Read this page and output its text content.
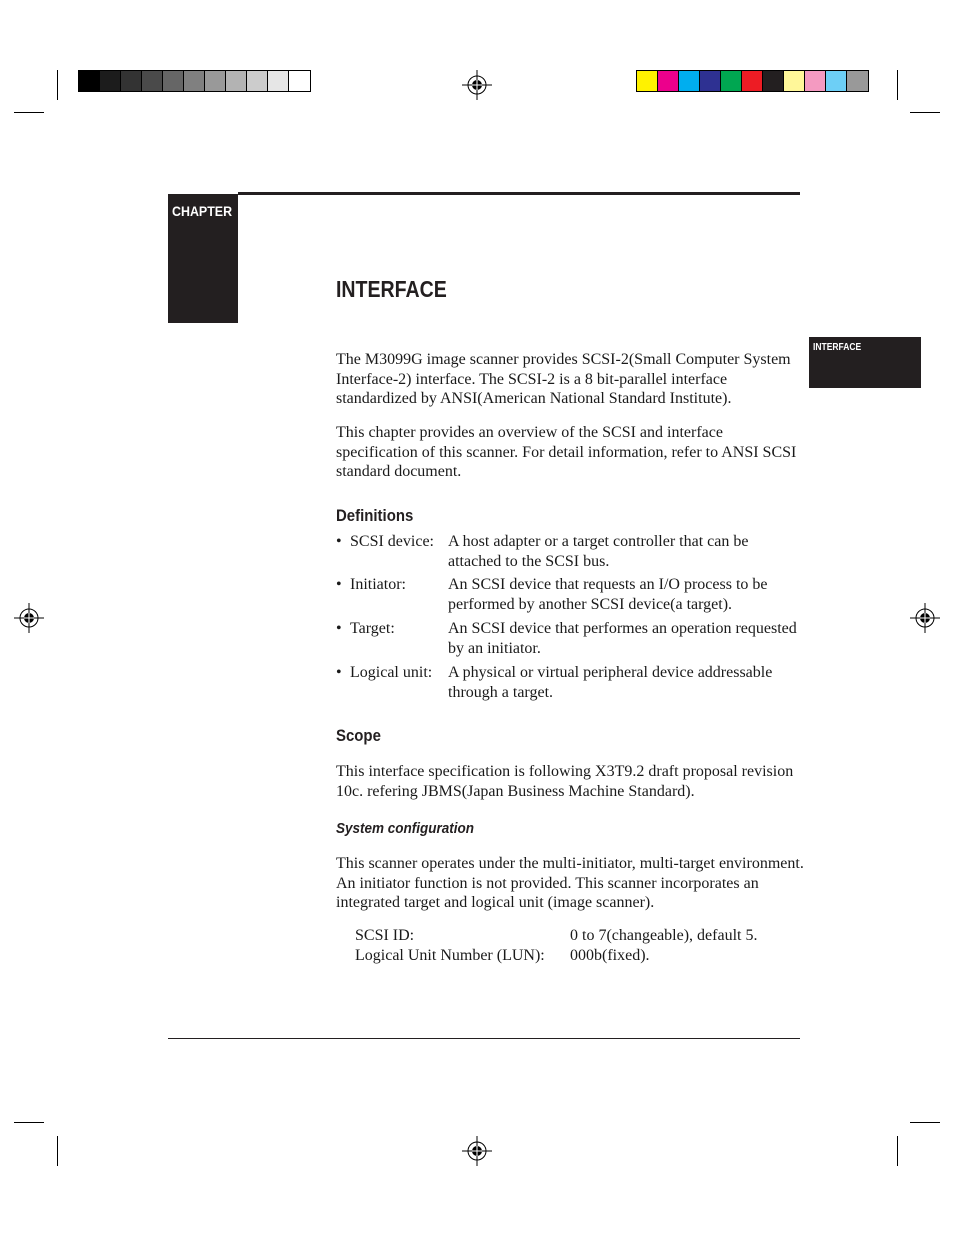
CHAPTER
INTERFACE
INTERFACE
The M3099G image scanner provides SCSI-2(Small Computer System Interface-2) interface. The SCSI-2 is a 8 bit-parallel interface standardized by ANSI(American National Standard Institute).
This chapter provides an overview of the SCSI and interface specification of this scanner. For detail information, refer to ANSI SCSI standard document.
Definitions
• SCSI device: A host adapter or a target controller that can be attached to the SCSI bus.
• Initiator:	An SCSI device that requests an I/O process to be performed by another SCSI device(a target).
• Target:	An SCSI device that performes an operation requested by an initiator.
• Logical unit: A physical or virtual peripheral device addressable through a target.
Scope
This interface specification is following X3T9.2 draft proposal revision 10c. refering JBMS(Japan Business Machine Standard).
System configuration
This scanner operates under the multi-initiator, multi-target environment. An initiator function is not provided. This scanner incorporates an integrated target and logical unit (image scanner).
SCSI ID:	0 to 7(changeable), default 5.
Logical Unit Number (LUN): 000b(fixed).
